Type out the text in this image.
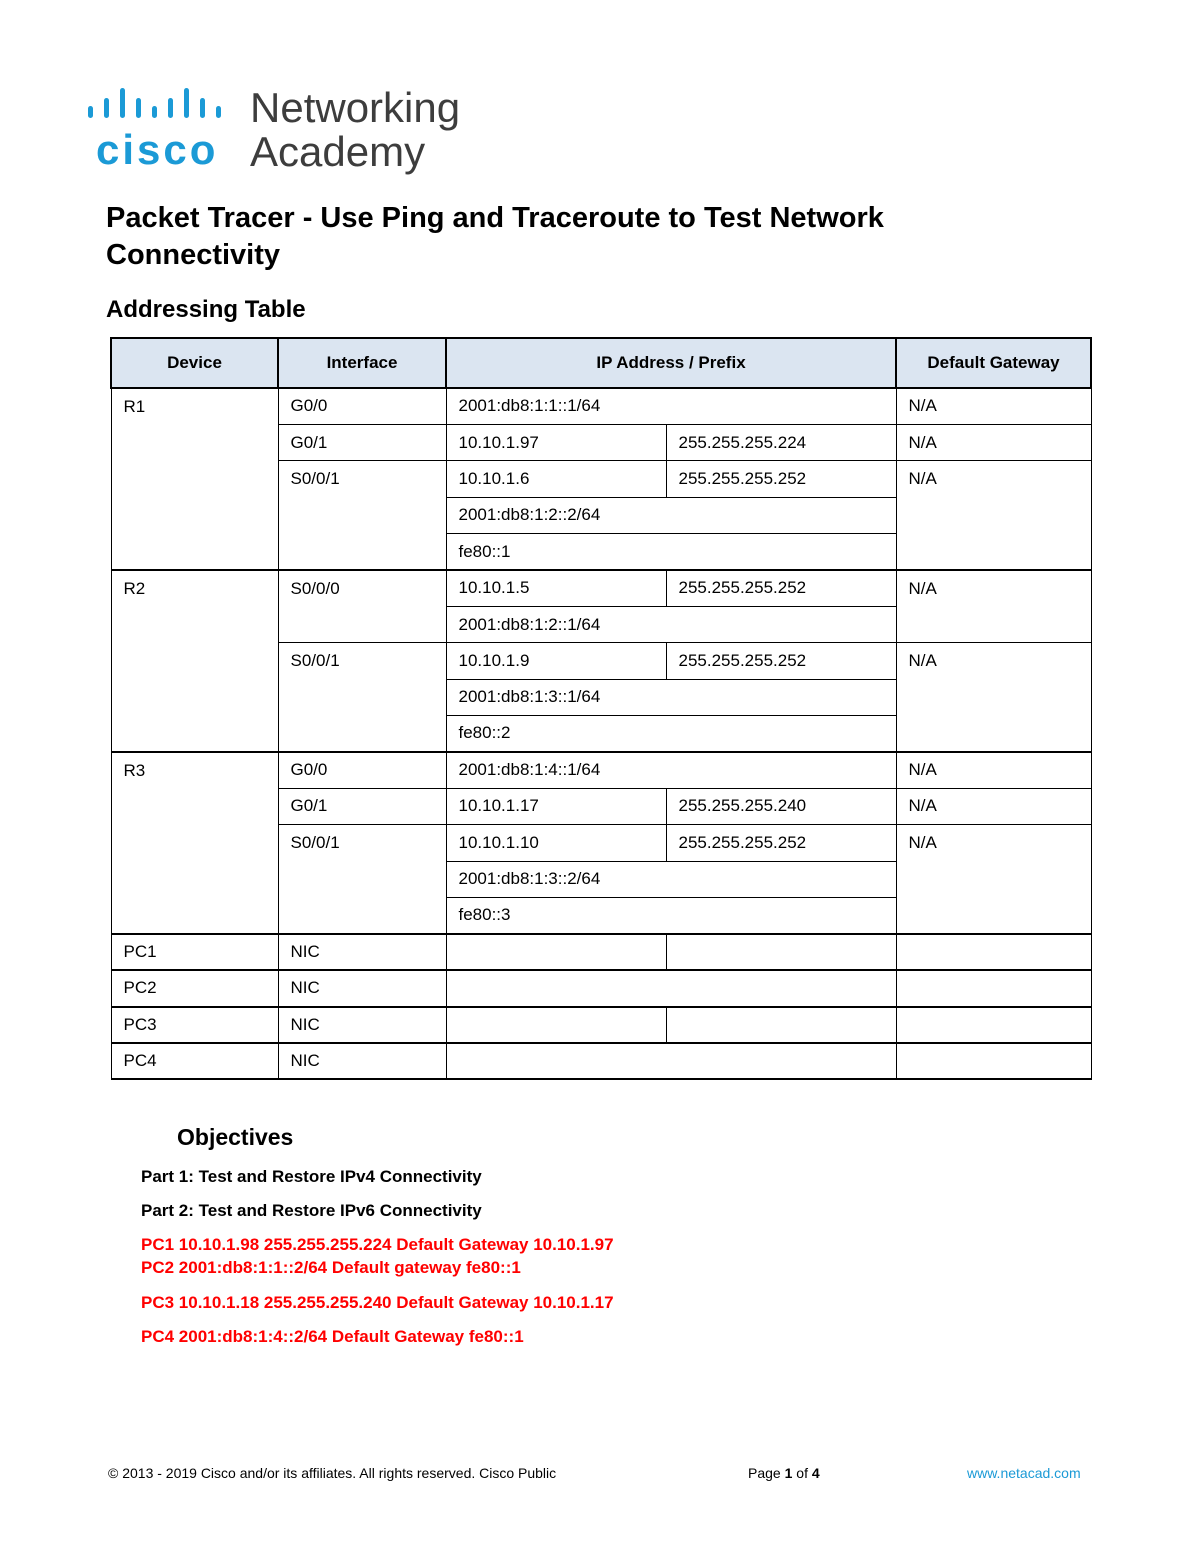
cisco
Networking
Academy
Packet Tracer - Use Ping and Traceroute to Test Network Connectivity
Addressing Table
Device	Interface	IP Address / Prefix		Default Gateway
R1	G0/0	2001:db8:1:1::1/64		N/A
	G0/1	10.10.1.97	255.255.255.224	N/A
	S0/0/1	10.10.1.6	255.255.255.252	N/A
		2001:db8:1:2::2/64		
		fe80::1		
R2	S0/0/0	10.10.1.5	255.255.255.252	N/A
		2001:db8:1:2::1/64		
	S0/0/1	10.10.1.9	255.255.255.252	N/A
		2001:db8:1:3::1/64		
		fe80::2		
R3	G0/0	2001:db8:1:4::1/64		N/A
	G0/1	10.10.1.17	255.255.255.240	N/A
	S0/0/1	10.10.1.10	255.255.255.252	N/A
		2001:db8:1:3::2/64		
		fe80::3		
PC1	NIC			
PC2	NIC			
PC3	NIC			
PC4	NIC			
Objectives

Part 1: Test and Restore IPv4 Connectivity

Part 2: Test and Restore IPv6 Connectivity

PC1 10.10.1.98 255.255.255.224 Default Gateway 10.10.1.97

PC2 2001:db8:1:1::2/64 Default gateway fe80::1

PC3 10.10.1.18 255.255.255.240 Default Gateway 10.10.1.17

PC4 2001:db8:1:4::2/64 Default Gateway fe80::1

© 2013 - 2019 Cisco and/or its affiliates. All rights reserved. Cisco Public	Page 1 of 4	www.netacad.com
